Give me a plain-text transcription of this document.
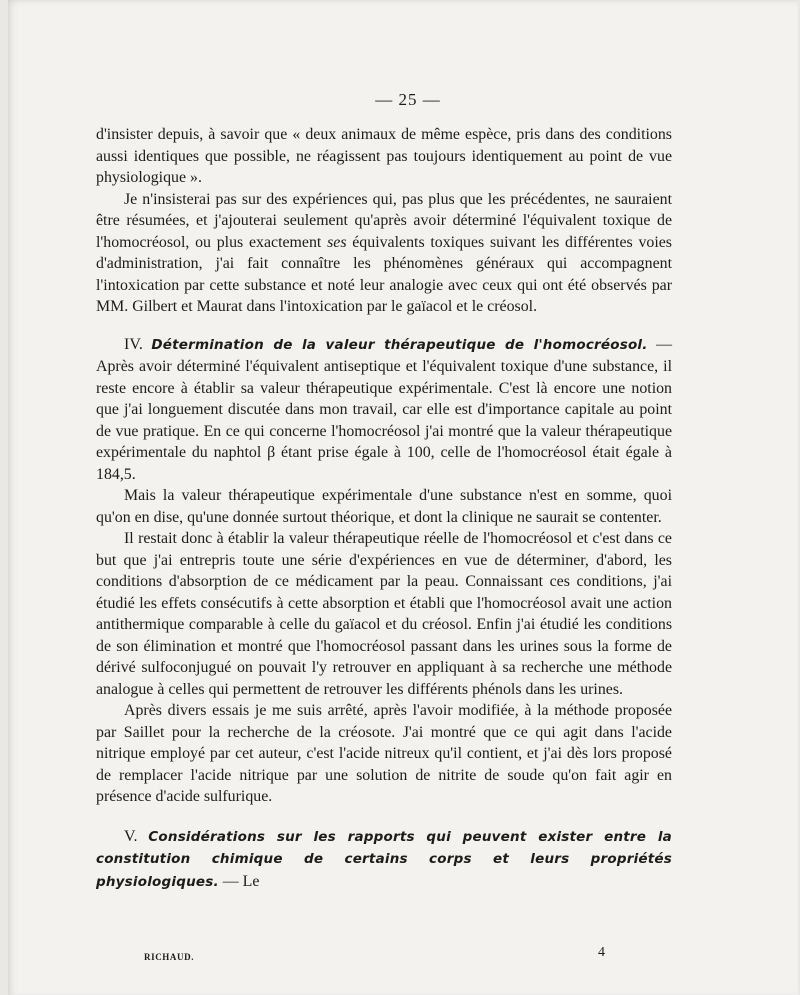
— 25 —

d'insister depuis, à savoir que « deux animaux de même espèce, pris dans des conditions aussi identiques que possible, ne réagissent pas toujours identiquement au point de vue physiologique ».

Je n'insisterai pas sur des expériences qui, pas plus que les précédentes, ne sauraient être résumées, et j'ajouterai seulement qu'après avoir déterminé l'équivalent toxique de l'homocréosol, ou plus exactement ses équivalents toxiques suivant les différentes voies d'administration, j'ai fait connaître les phénomènes généraux qui accompagnent l'intoxication par cette substance et noté leur analogie avec ceux qui ont été observés par MM. Gilbert et Maurat dans l'intoxication par le gaïacol et le créosol.

IV. Détermination de la valeur thérapeutique de l'homocréosol. — Après avoir déterminé l'équivalent antiseptique et l'équivalent toxique d'une substance, il reste encore à établir sa valeur thérapeutique expérimentale. C'est là encore une notion que j'ai longuement discutée dans mon travail, car elle est d'importance capitale au point de vue pratique. En ce qui concerne l'homocréosol j'ai montré que la valeur thérapeutique expérimentale du naphtol β étant prise égale à 100, celle de l'homocréosol était égale à 184,5.

Mais la valeur thérapeutique expérimentale d'une substance n'est en somme, quoi qu'on en dise, qu'une donnée surtout théorique, et dont la clinique ne saurait se contenter.

Il restait donc à établir la valeur thérapeutique réelle de l'homocréosol et c'est dans ce but que j'ai entrepris toute une série d'expériences en vue de déterminer, d'abord, les conditions d'absorption de ce médicament par la peau. Connaissant ces conditions, j'ai étudié les effets consécutifs à cette absorption et établi que l'homocréosol avait une action antithermique comparable à celle du gaïacol et du créosol. Enfin j'ai étudié les conditions de son élimination et montré que l'homocréosol passant dans les urines sous la forme de dérivé sulfoconjugué on pouvait l'y retrouver en appliquant à sa recherche une méthode analogue à celles qui permettent de retrouver les différents phénols dans les urines.

Après divers essais je me suis arrêté, après l'avoir modifiée, à la méthode proposée par Saillet pour la recherche de la créosote. J'ai montré que ce qui agit dans l'acide nitrique employé par cet auteur, c'est l'acide nitreux qu'il contient, et j'ai dès lors proposé de remplacer l'acide nitrique par une solution de nitrite de soude qu'on fait agir en présence d'acide sulfurique.

V. Considérations sur les rapports qui peuvent exister entre la constitution chimique de certains corps et leurs propriétés physiologiques. — Le

RICHAUD.	4
